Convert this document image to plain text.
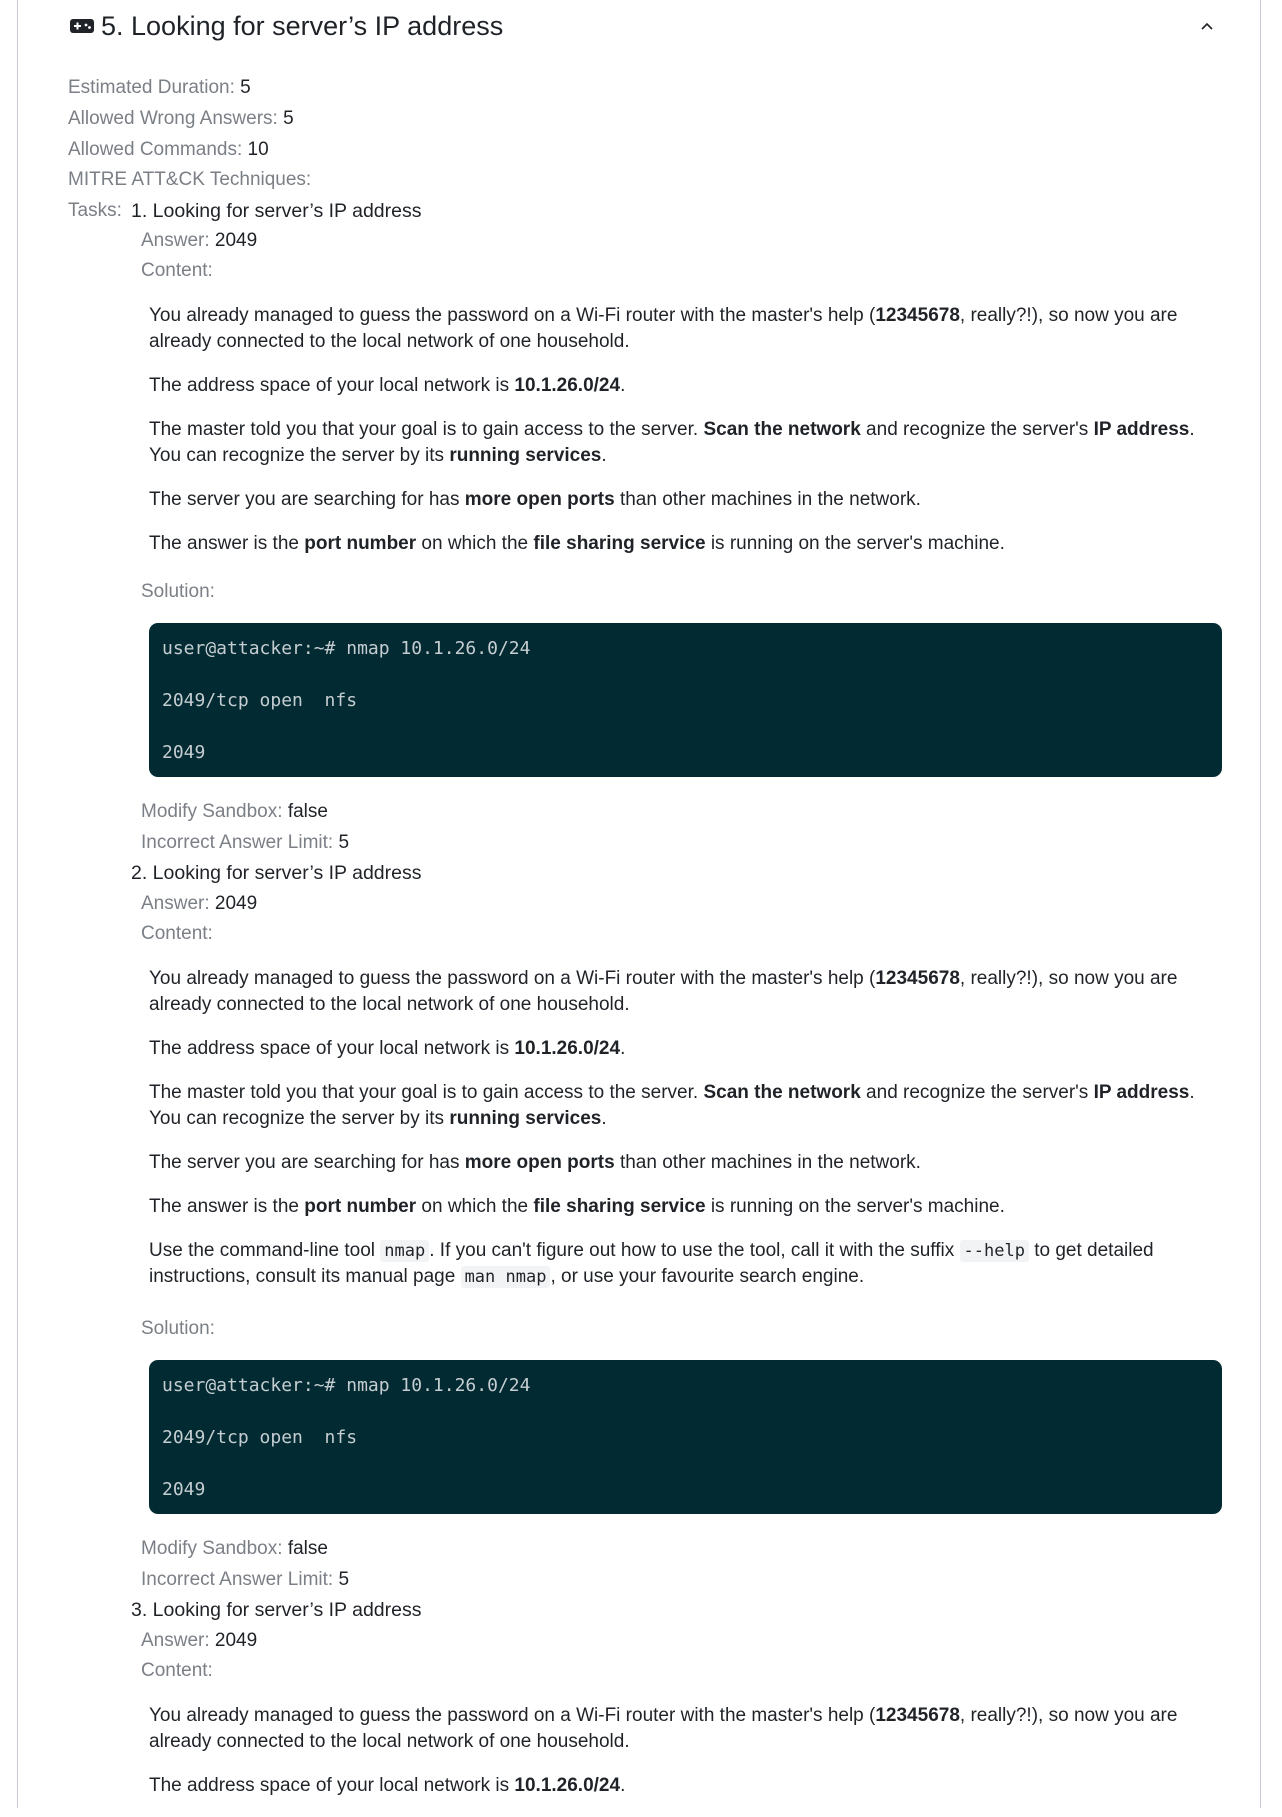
5. Looking for server’s IP address
Estimated Duration: 5
Allowed Wrong Answers: 5
Allowed Commands: 10
MITRE ATT&CK Techniques:
Tasks: 1. Looking for server’s IP address
Answer: 2049
Content:

You already managed to guess the password on a Wi-Fi router with the master's help (12345678, really?!), so now you are already connected to the local network of one household.

The address space of your local network is 10.1.26.0/24.

The master told you that your goal is to gain access to the server. Scan the network and recognize the server's IP address. You can recognize the server by its running services.

The server you are searching for has more open ports than other machines in the network.

The answer is the port number on which the file sharing service is running on the server's machine.

Solution:
user@attacker:~# nmap 10.1.26.0/24
2049/tcp open  nfs
2049
Modify Sandbox: false
Incorrect Answer Limit: 5
2. Looking for server’s IP address
Answer: 2049
Content:

You already managed to guess the password on a Wi-Fi router with the master's help (12345678, really?!), so now you are already connected to the local network of one household.

The address space of your local network is 10.1.26.0/24.

The master told you that your goal is to gain access to the server. Scan the network and recognize the server's IP address. You can recognize the server by its running services.

The server you are searching for has more open ports than other machines in the network.

The answer is the port number on which the file sharing service is running on the server's machine.

Use the command-line tool nmap . If you can't figure out how to use the tool, call it with the suffix --help to get detailed instructions, consult its manual page man nmap , or use your favourite search engine.

Solution:
user@attacker:~# nmap 10.1.26.0/24
2049/tcp open  nfs
2049
Modify Sandbox: false
Incorrect Answer Limit: 5
3. Looking for server’s IP address
Answer: 2049
Content:

You already managed to guess the password on a Wi-Fi router with the master's help (12345678, really?!), so now you are already connected to the local network of one household.

The address space of your local network is 10.1.26.0/24.
